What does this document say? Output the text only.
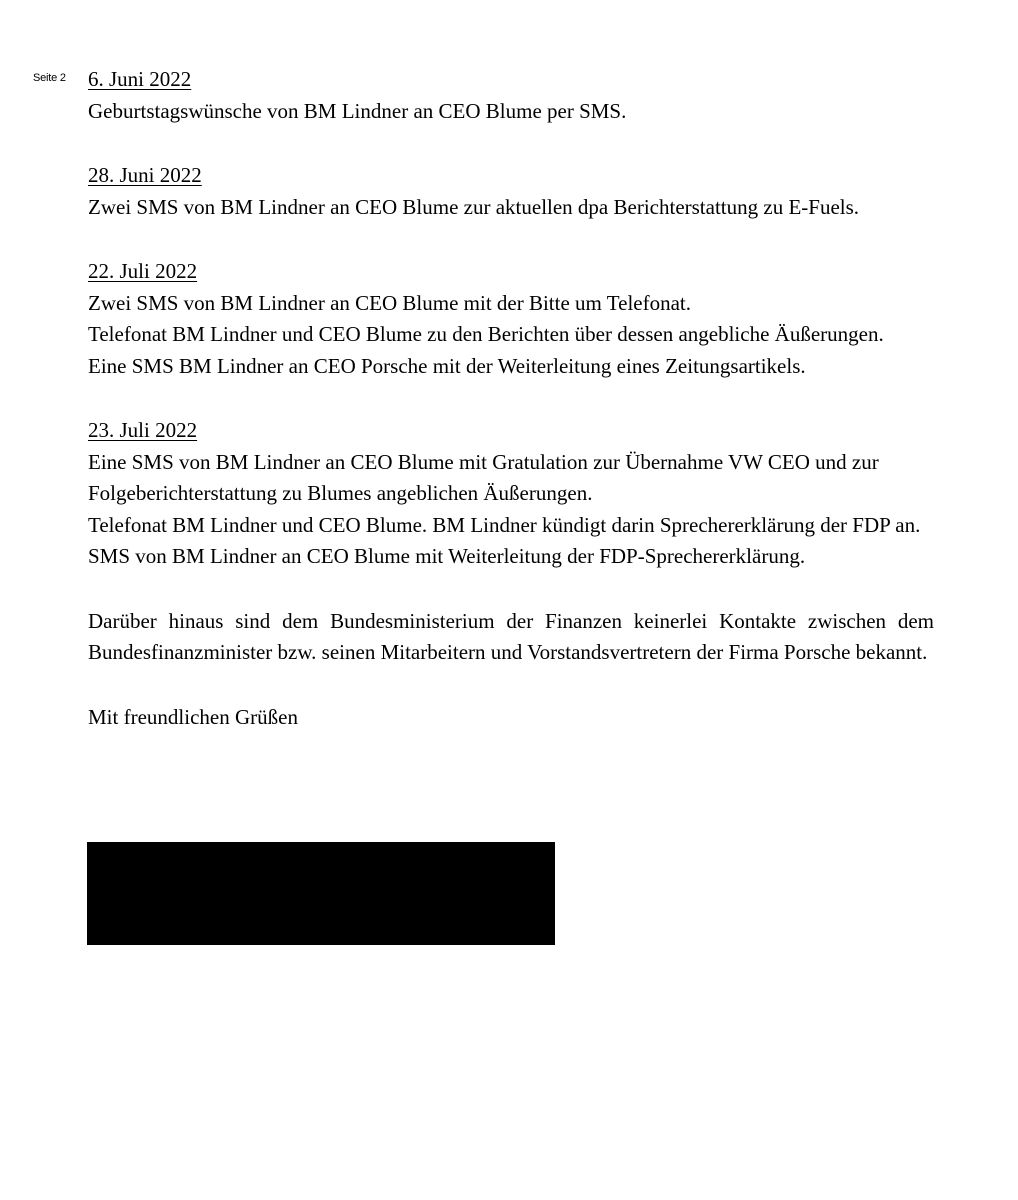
Seite 2 6. Juni 2022
Geburtstagswünsche von BM Lindner an CEO Blume per SMS.
28. Juni 2022
Zwei SMS von BM Lindner an CEO Blume zur aktuellen dpa Berichterstattung zu E-Fuels.
22. Juli 2022
Zwei SMS von BM Lindner an CEO Blume mit der Bitte um Telefonat.
Telefonat BM Lindner und CEO Blume zu den Berichten über dessen angebliche Äußerungen.
Eine SMS BM Lindner an CEO Porsche mit der Weiterleitung eines Zeitungsartikels.
23. Juli 2022
Eine SMS von BM Lindner an CEO Blume mit Gratulation zur Übernahme VW CEO und zur Folgeberichterstattung zu Blumes angeblichen Äußerungen.
Telefonat BM Lindner und CEO Blume. BM Lindner kündigt darin Sprechererklärung der FDP an.
SMS von BM Lindner an CEO Blume mit Weiterleitung der FDP-Sprechererklärung.

Darüber hinaus sind dem Bundesministerium der Finanzen keinerlei Kontakte zwischen dem Bundesfinanzminister bzw. seinen Mitarbeitern und Vorstandsvertretern der Firma Porsche bekannt.

Mit freundlichen Grüßen
